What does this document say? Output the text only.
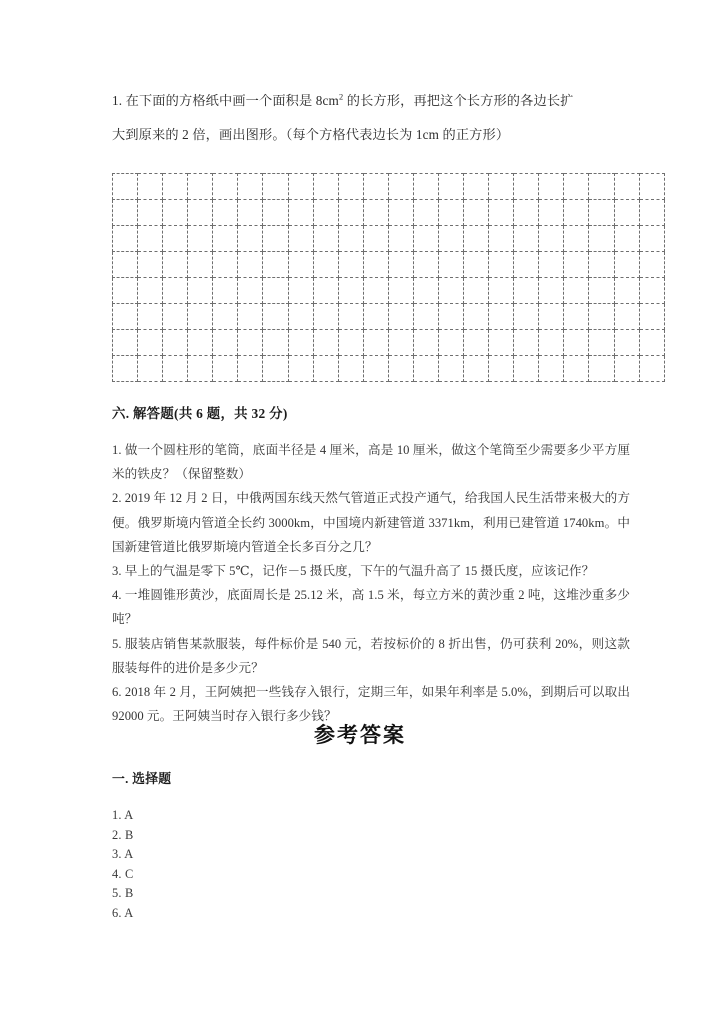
1. 在下面的方格纸中画一个面积是 $8cm^2$ 的长方形，再把这个长方形的各边长扩
大到原来的 2 倍，画出图形。（每个方格代表边长为 1cm 的正方形）

六. 解答题(共 6 题，共 32 分)

1. 做一个圆柱形的笔筒，底面半径是 4 厘米，高是 10 厘米，做这个笔筒至少需要多少平方厘米的铁皮？（保留整数）

2. 2019 年 12 月 2 日，中俄两国东线天然气管道正式投产通气，给我国人民生活带来极大的方便。俄罗斯境内管道全长约 3000km，中国境内新建管道 3371km，利用已建管道 1740km。中国新建管道比俄罗斯境内管道全长多百分之几？

3. 早上的气温是零下 5℃，记作－5 摄氏度，下午的气温升高了 15 摄氏度，应该记作？

4. 一堆圆锥形黄沙，底面周长是 25.12 米，高 1.5 米，每立方米的黄沙重 2 吨，这堆沙重多少吨？

5. 服装店销售某款服装，每件标价是 540 元，若按标价的 8 折出售，仍可获利 20%，则这款服装每件的进价是多少元？

6. 2018 年 2 月，王阿姨把一些钱存入银行，定期三年，如果年利率是 5.0%，到期后可以取出 92000 元。王阿姨当时存入银行多少钱？

参考答案
一. 选择题
1. A
2. B
3. A
4. C
5. B
6. A
